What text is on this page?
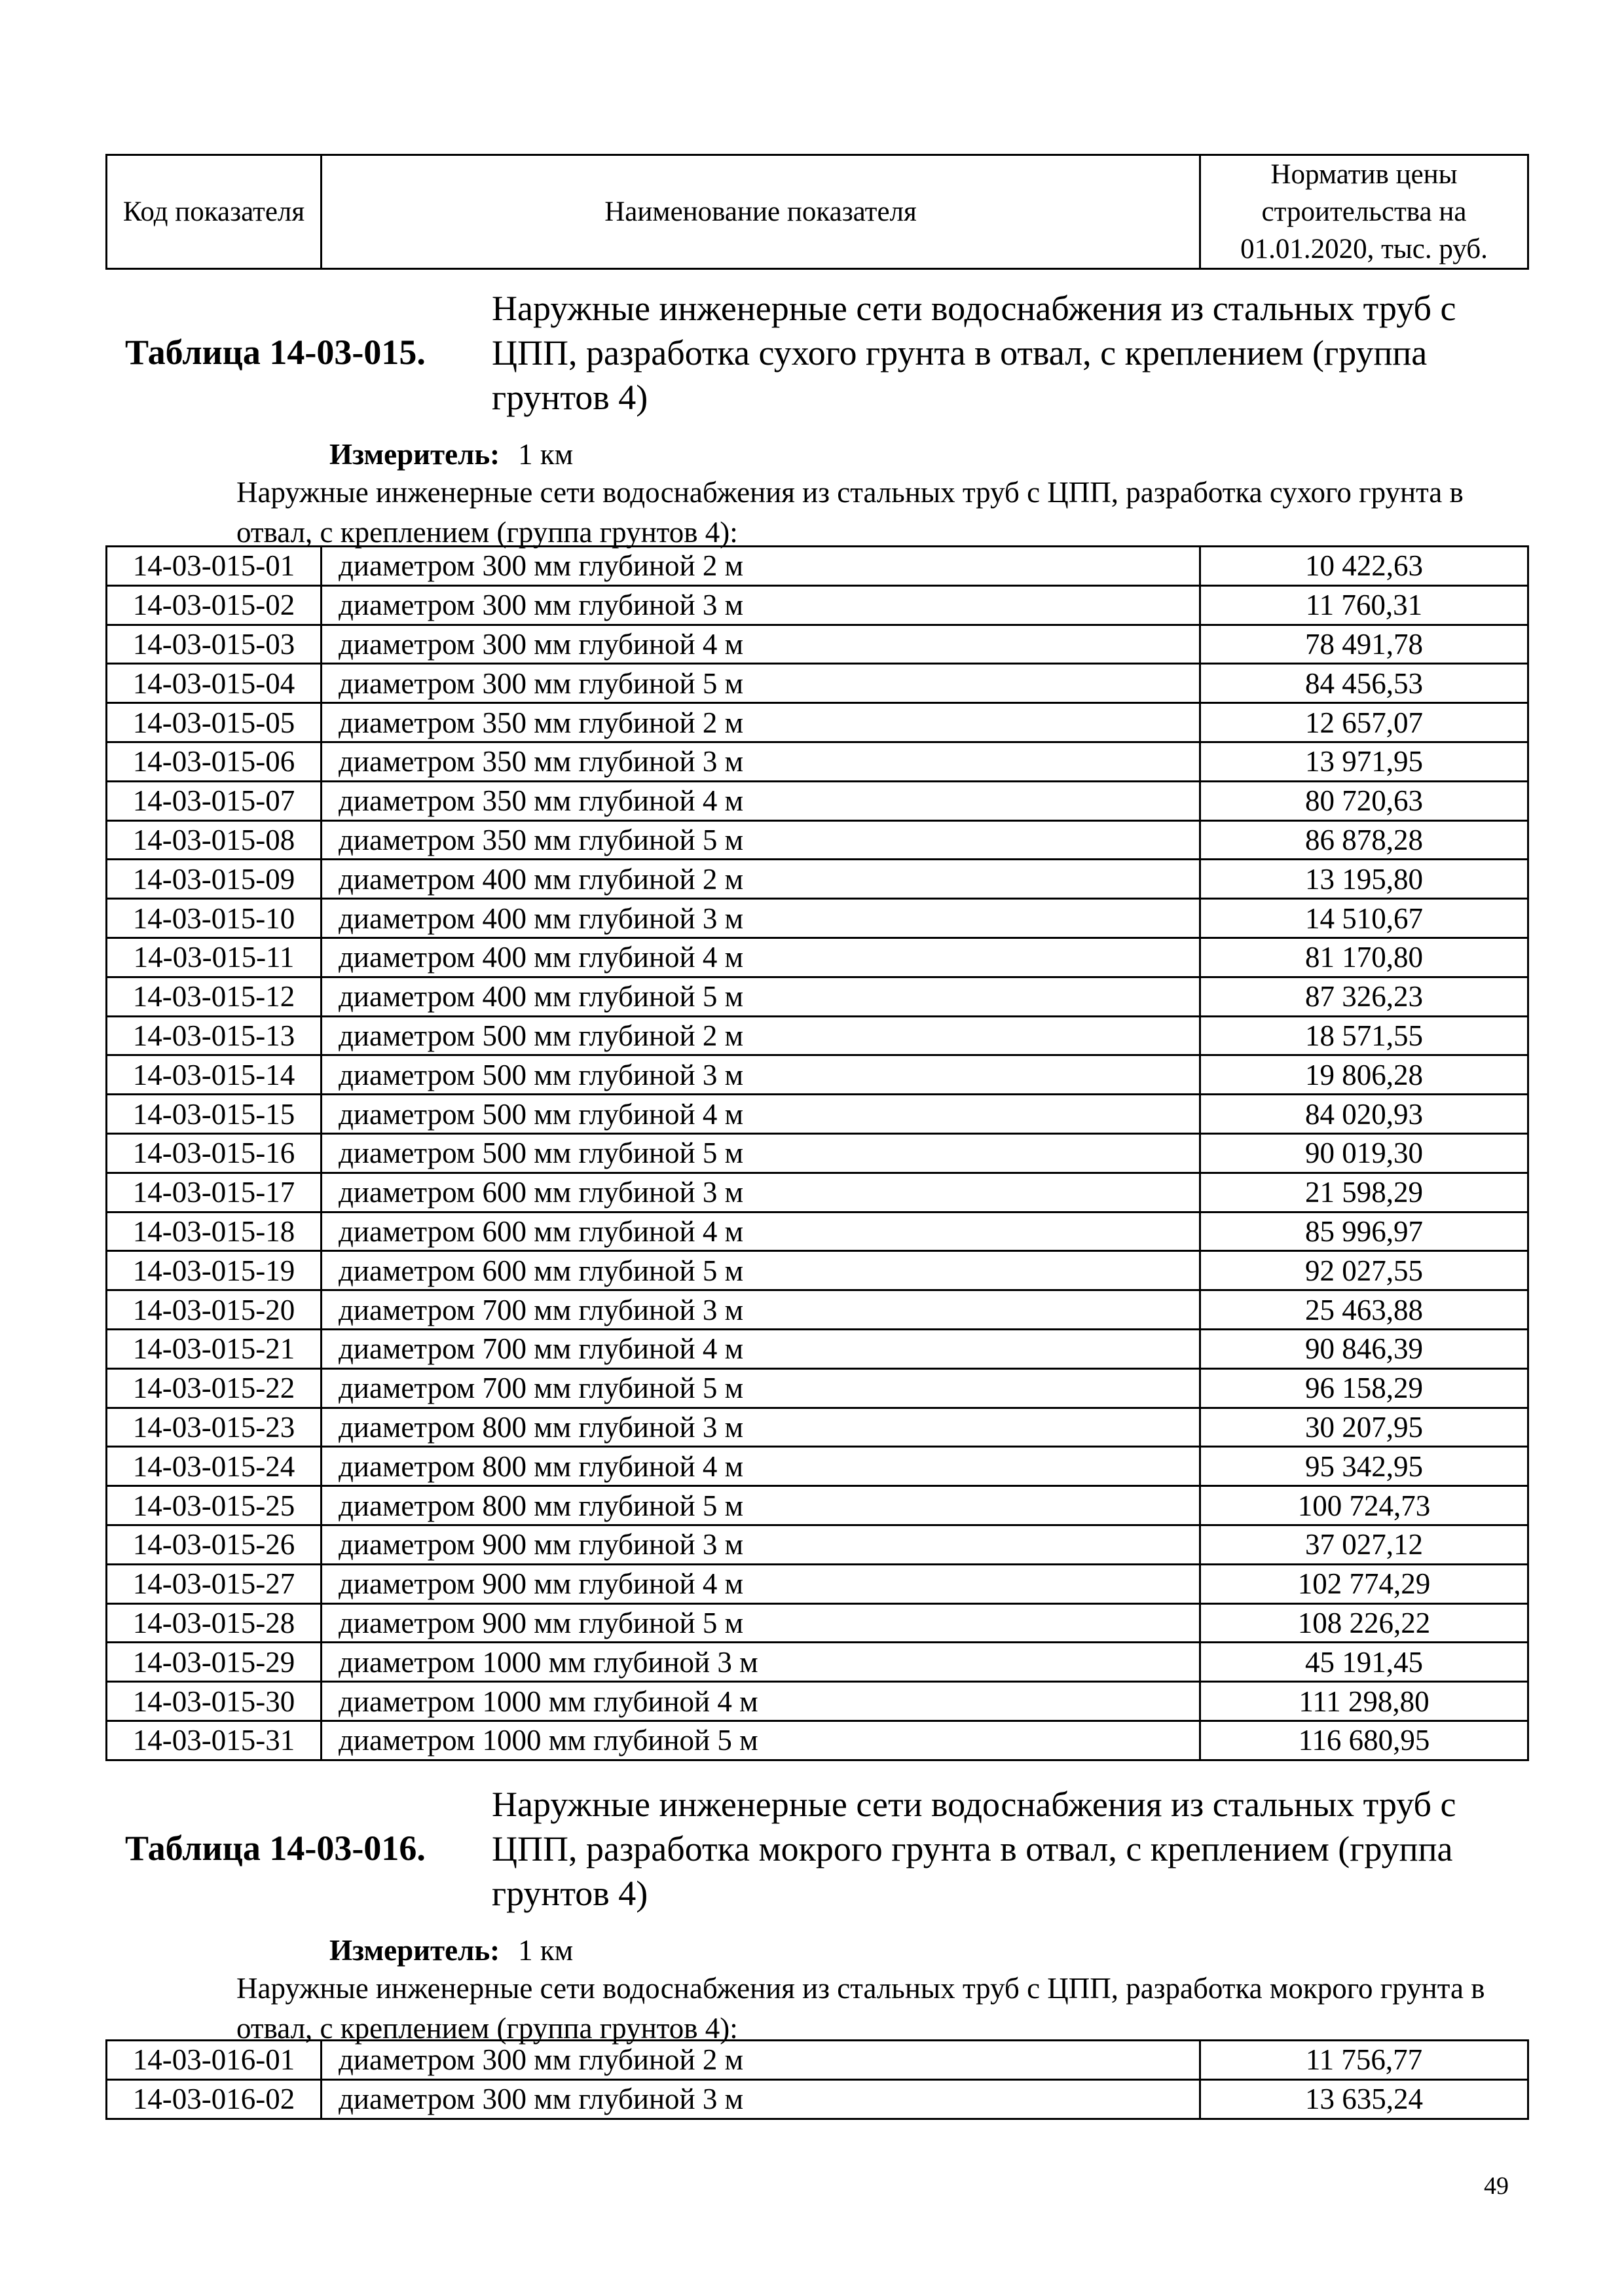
Код показателя	Наименование показателя	Норматив цены строительства на 01.01.2020, тыс. руб.
Таблица 14-03-015.
Наружные инженерные сети водоснабжения из стальных труб с ЦПП, разработка сухого грунта в отвал, с креплением (группа грунтов 4)
Измеритель: 1 км
Наружные инженерные сети водоснабжения из стальных труб с ЦПП, разработка сухого грунта в отвал, с креплением (группа грунтов 4):
14-03-015-01	диаметром 300 мм глубиной 2 м	10 422,63
14-03-015-02	диаметром 300 мм глубиной 3 м	11 760,31
14-03-015-03	диаметром 300 мм глубиной 4 м	78 491,78
14-03-015-04	диаметром 300 мм глубиной 5 м	84 456,53
14-03-015-05	диаметром 350 мм глубиной 2 м	12 657,07
14-03-015-06	диаметром 350 мм глубиной 3 м	13 971,95
14-03-015-07	диаметром 350 мм глубиной 4 м	80 720,63
14-03-015-08	диаметром 350 мм глубиной 5 м	86 878,28
14-03-015-09	диаметром 400 мм глубиной 2 м	13 195,80
14-03-015-10	диаметром 400 мм глубиной 3 м	14 510,67
14-03-015-11	диаметром 400 мм глубиной 4 м	81 170,80
14-03-015-12	диаметром 400 мм глубиной 5 м	87 326,23
14-03-015-13	диаметром 500 мм глубиной 2 м	18 571,55
14-03-015-14	диаметром 500 мм глубиной 3 м	19 806,28
14-03-015-15	диаметром 500 мм глубиной 4 м	84 020,93
14-03-015-16	диаметром 500 мм глубиной 5 м	90 019,30
14-03-015-17	диаметром 600 мм глубиной 3 м	21 598,29
14-03-015-18	диаметром 600 мм глубиной 4 м	85 996,97
14-03-015-19	диаметром 600 мм глубиной 5 м	92 027,55
14-03-015-20	диаметром 700 мм глубиной 3 м	25 463,88
14-03-015-21	диаметром 700 мм глубиной 4 м	90 846,39
14-03-015-22	диаметром 700 мм глубиной 5 м	96 158,29
14-03-015-23	диаметром 800 мм глубиной 3 м	30 207,95
14-03-015-24	диаметром 800 мм глубиной 4 м	95 342,95
14-03-015-25	диаметром 800 мм глубиной 5 м	100 724,73
14-03-015-26	диаметром 900 мм глубиной 3 м	37 027,12
14-03-015-27	диаметром 900 мм глубиной 4 м	102 774,29
14-03-015-28	диаметром 900 мм глубиной 5 м	108 226,22
14-03-015-29	диаметром 1000 мм глубиной 3 м	45 191,45
14-03-015-30	диаметром 1000 мм глубиной 4 м	111 298,80
14-03-015-31	диаметром 1000 мм глубиной 5 м	116 680,95
Таблица 14-03-016.
Наружные инженерные сети водоснабжения из стальных труб с ЦПП, разработка мокрого грунта в отвал, с креплением (группа грунтов 4)
Измеритель: 1 км
Наружные инженерные сети водоснабжения из стальных труб с ЦПП, разработка мокрого грунта в отвал, с креплением (группа грунтов 4):
14-03-016-01	диаметром 300 мм глубиной 2 м	11 756,77
14-03-016-02	диаметром 300 мм глубиной 3 м	13 635,24
49
